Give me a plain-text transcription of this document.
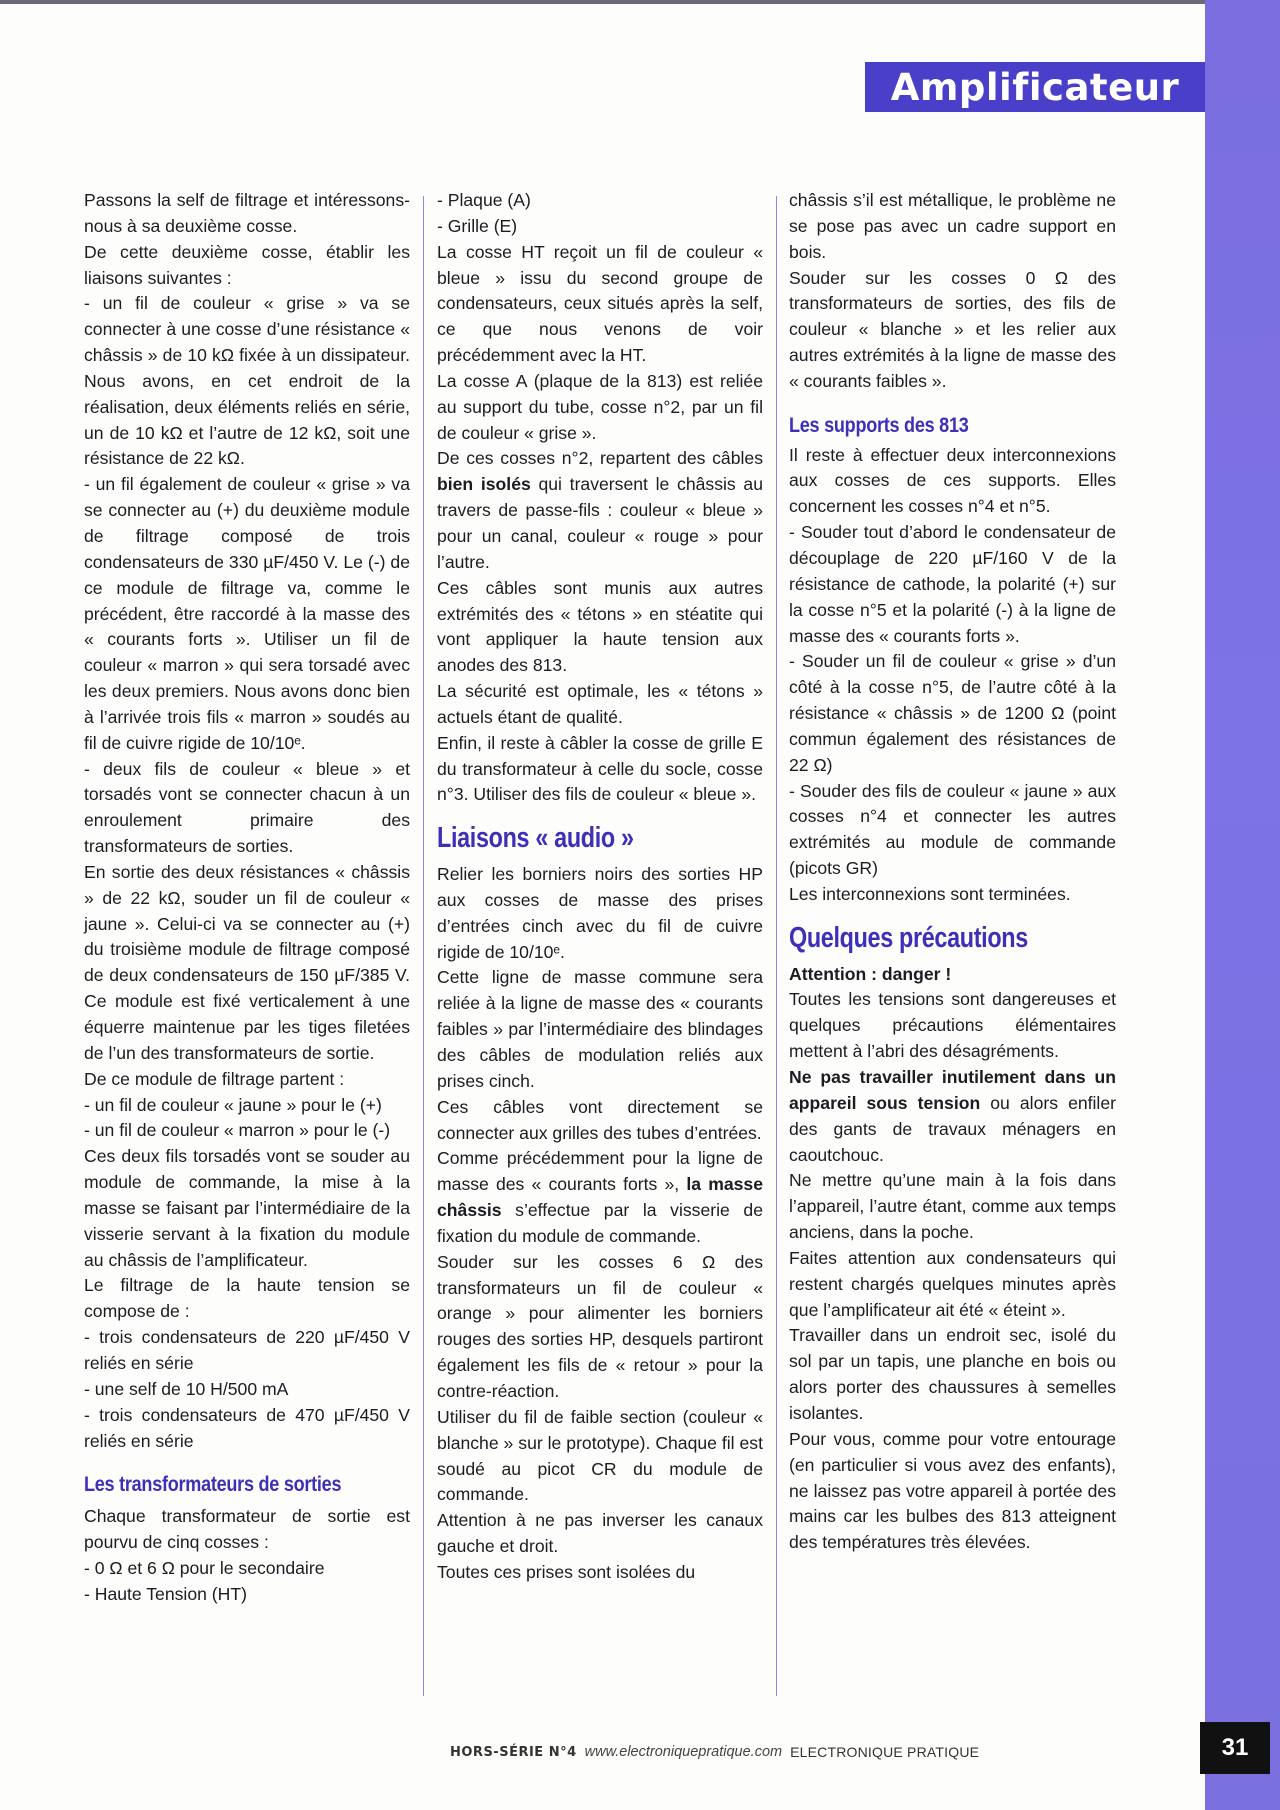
Amplificateur

Passons la self de filtrage et intéressons-nous à sa deuxième cosse.

De cette deuxième cosse, établir les liaisons suivantes :

- un fil de couleur « grise » va se connecter à une cosse d’une résistance « châssis » de 10 kΩ fixée à un dissipateur. Nous avons, en cet endroit de la réalisation, deux éléments reliés en série, un de 10 kΩ et l’autre de 12 kΩ, soit une résistance de 22 kΩ.

- un fil également de couleur « grise » va se connecter au (+) du deuxième module de filtrage composé de trois condensateurs de 330 µF/450 V. Le (-) de ce module de filtrage va, comme le précédent, être raccordé à la masse des « courants forts ». Utiliser un fil de couleur « marron » qui sera torsadé avec les deux premiers. Nous avons donc bien à l’arrivée trois fils « marron » soudés au fil de cuivre rigide de 10/10ᵉ.

- deux fils de couleur « bleue » et torsadés vont se connecter chacun à un enroulement primaire des transformateurs de sorties.

En sortie des deux résistances « châssis » de 22 kΩ, souder un fil de couleur « jaune ». Celui-ci va se connecter au (+) du troisième module de filtrage composé de deux condensateurs de 150 µF/385 V. Ce module est fixé verticalement à une équerre maintenue par les tiges filetées de l’un des transformateurs de sortie.

De ce module de filtrage partent :

- un fil de couleur « jaune » pour le (+)

- un fil de couleur « marron » pour le (-)

Ces deux fils torsadés vont se souder au module de commande, la mise à la masse se faisant par l’intermédiaire de la visserie servant à la fixation du module au châssis de l’amplificateur.

Le filtrage de la haute tension se compose de :

- trois condensateurs de 220 µF/450 V reliés en série

- une self de 10 H/500 mA

- trois condensateurs de 470 µF/450 V reliés en série

Les transformateurs de sorties

Chaque transformateur de sortie est pourvu de cinq cosses :

- 0 Ω et 6 Ω pour le secondaire

- Haute Tension (HT)

- Plaque (A)

- Grille (E)

La cosse HT reçoit un fil de couleur « bleue » issu du second groupe de condensateurs, ceux situés après la self, ce que nous venons de voir précédemment avec la HT.

La cosse A (plaque de la 813) est reliée au support du tube, cosse n°2, par un fil de couleur « grise ».

De ces cosses n°2, repartent des câbles bien isolés qui traversent le châssis au travers de passe-fils : couleur « bleue » pour un canal, couleur « rouge » pour l’autre.

Ces câbles sont munis aux autres extrémités des « tétons » en stéatite qui vont appliquer la haute tension aux anodes des 813.

La sécurité est optimale, les « tétons » actuels étant de qualité.

Enfin, il reste à câbler la cosse de grille E du transformateur à celle du socle, cosse n°3. Utiliser des fils de couleur « bleue ».

Liaisons « audio »

Relier les borniers noirs des sorties HP aux cosses de masse des prises d’entrées cinch avec du fil de cuivre rigide de 10/10ᵉ.

Cette ligne de masse commune sera reliée à la ligne de masse des « courants faibles » par l’intermédiaire des blindages des câbles de modulation reliés aux prises cinch.

Ces câbles vont directement se connecter aux grilles des tubes d’entrées.

Comme précédemment pour la ligne de masse des « courants forts », la masse châssis s’effectue par la visserie de fixation du module de commande.

Souder sur les cosses 6 Ω des transformateurs un fil de couleur « orange » pour alimenter les borniers rouges des sorties HP, desquels partiront également les fils de « retour » pour la contre-réaction.

Utiliser du fil de faible section (couleur « blanche » sur le prototype). Chaque fil est soudé au picot CR du module de commande.

Attention à ne pas inverser les canaux gauche et droit.

Toutes ces prises sont isolées du

châssis s’il est métallique, le problème ne se pose pas avec un cadre support en bois.

Souder sur les cosses 0 Ω des transformateurs de sorties, des fils de couleur « blanche » et les relier aux autres extrémités à la ligne de masse des « courants faibles ».

Les supports des 813

Il reste à effectuer deux interconnexions aux cosses de ces supports. Elles concernent les cosses n°4 et n°5.

- Souder tout d’abord le condensateur de découplage de 220 µF/160 V de la résistance de cathode, la polarité (+) sur la cosse n°5 et la polarité (-) à la ligne de masse des « courants forts ».

- Souder un fil de couleur « grise » d’un côté à la cosse n°5, de l’autre côté à la résistance « châssis » de 1200 Ω (point commun également des résistances de 22 Ω)

- Souder des fils de couleur « jaune » aux cosses n°4 et connecter les autres extrémités au module de commande (picots GR)

Les interconnexions sont terminées.

Quelques précautions

Attention : danger !

Toutes les tensions sont dangereuses et quelques précautions élémentaires mettent à l’abri des désagréments.

Ne pas travailler inutilement dans un appareil sous tension ou alors enfiler des gants de travaux ménagers en caoutchouc.

Ne mettre qu’une main à la fois dans l’appareil, l’autre étant, comme aux temps anciens, dans la poche.

Faites attention aux condensateurs qui restent chargés quelques minutes après que l’amplificateur ait été « éteint ».

Travailler dans un endroit sec, isolé du sol par un tapis, une planche en bois ou alors porter des chaussures à semelles isolantes.

Pour vous, comme pour votre entourage (en particulier si vous avez des enfants), ne laissez pas votre appareil à portée des mains car les bulbes des 813 atteignent des températures très élevées.

HORS-SÉRIE N°4 www.electroniquepratique.com ELECTRONIQUE PRATIQUE	31
